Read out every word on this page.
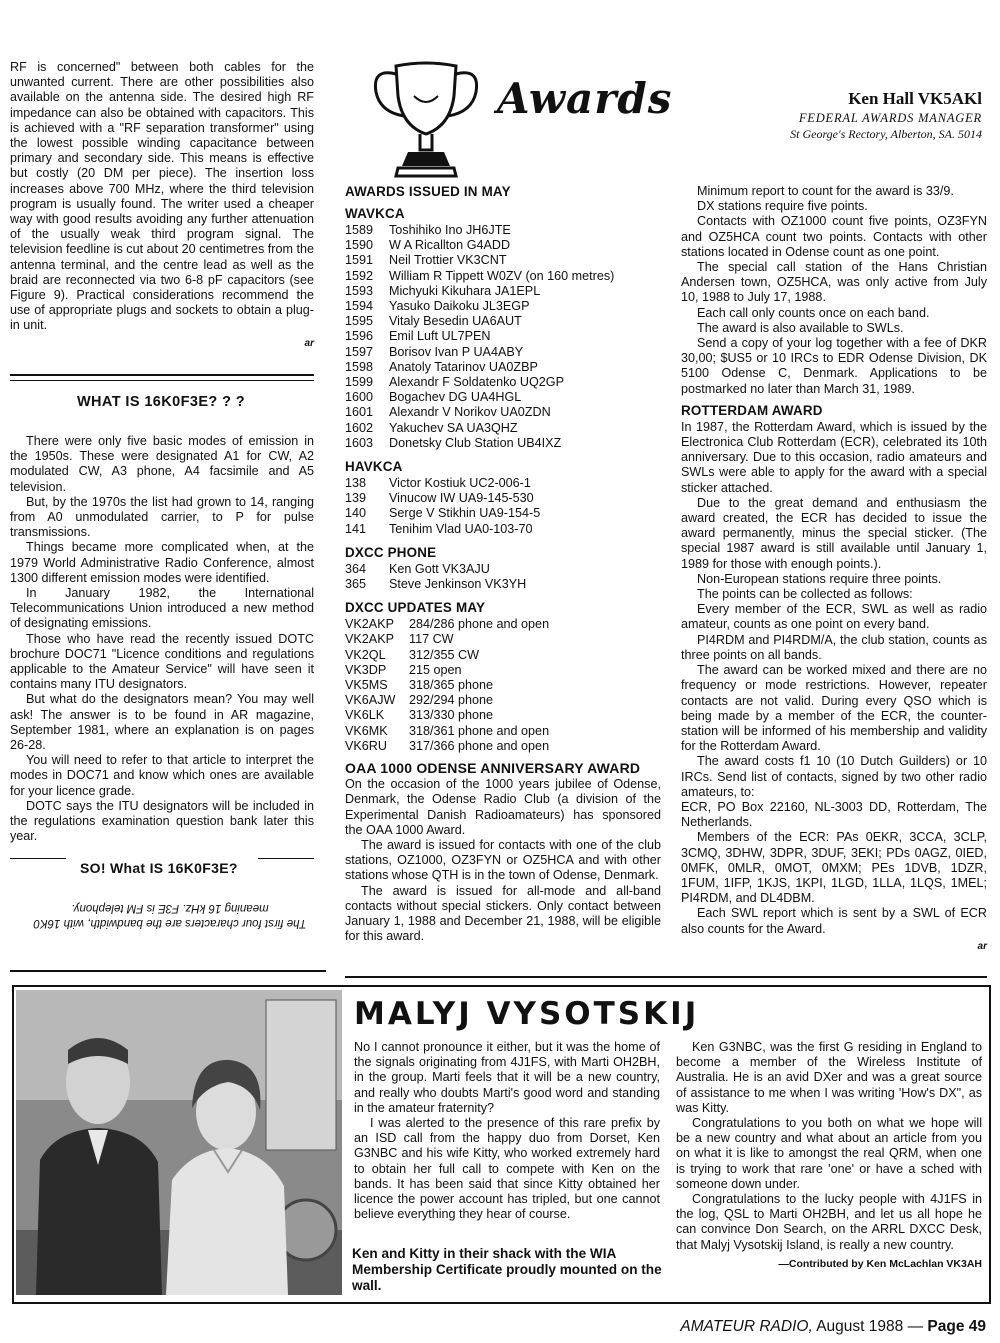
RF is concerned" between both cables for the unwanted current. There are other possibilities also available on the antenna side. The desired high RF impedance can also be obtained with capacitors. This is achieved with a "RF separation transformer" using the lowest possible winding capacitance between primary and secondary side. This means is effective but costly (20 DM per piece). The insertion loss increases above 700 MHz, where the third television program is usually found. The writer used a cheaper way with good results avoiding any further attenuation of the usually weak third program signal. The television feedline is cut about 20 centimetres from the antenna terminal, and the centre lead as well as the braid are reconnected via two 6-8 pF capacitors (see Figure 9). Practical considerations recommend the use of appropriate plugs and sockets to obtain a plug-in unit.

ar
WHAT IS 16K0F3E? ? ?

There were only five basic modes of emission in the 1950s. These were designated A1 for CW, A2 modulated CW, A3 phone, A4 facsimile and A5 television.

But, by the 1970s the list had grown to 14, ranging from A0 unmodulated carrier, to P for pulse transmissions.

Things became more complicated when, at the 1979 World Administrative Radio Conference, almost 1300 different emission modes were identified.

In January 1982, the International Telecommunications Union introduced a new method of designating emissions.

Those who have read the recently issued DOTC brochure DOC71 "Licence conditions and regulations applicable to the Amateur Service" will have seen it contains many ITU designators.

But what do the designators mean? You may well ask! The answer is to be found in AR magazine, September 1981, where an explanation is on pages 26-28.

You will need to refer to that article to interpret the modes in DOC71 and know which ones are available for your licence grade.

DOTC says the ITU designators will be included in the regulations examination question bank later this year.

SO! What IS 16K0F3E?
The first four characters are the bandwidth, with 16K0 meaning 16 kHz. F3E is FM telephony.
Awards	Ken Hall VK5AKl
FEDERAL AWARDS MANAGER
St George's Rectory, Alberton, SA. 5014
AWARDS ISSUED IN MAY
WAVKCA
1589	Toshihiko Ino JH6JTE
1590	W A Ricallton G4ADD
1591	Neil Trottier VK3CNT
1592	William R Tippett W0ZV (on 160 metres)
1593	Michyuki Kikuhara JA1EPL
1594	Yasuko Daikoku JL3EGP
1595	Vitaly Besedin UA6AUT
1596	Emil Luft UL7PEN
1597	Borisov Ivan P UA4ABY
1598	Anatoly Tatarinov UA0ZBP
1599	Alexandr F Soldatenko UQ2GP
1600	Bogachev DG UA4HGL
1601	Alexandr V Norikov UA0ZDN
1602	Yakuchev SA UA3QHZ
1603	Donetsky Club Station UB4IXZ
HAVKCA
138	Victor Kostiuk UC2-006-1
139	Vinucow IW UA9-145-530
140	Serge V Stikhin UA9-154-5
141	Tenihim Vlad UA0-103-70
DXCC PHONE
364	Ken Gott VK3AJU
365	Steve Jenkinson VK3YH
DXCC UPDATES MAY
VK2AKP	284/286 phone and open
VK2AKP	117 CW
VK2QL	312/355 CW
VK3DP	215 open
VK5MS	318/365 phone
VK6AJW	292/294 phone
VK6LK	313/330 phone
VK6MK	318/361 phone and open
VK6RU	317/366 phone and open
OAA 1000 ODENSE ANNIVERSARY AWARD

On the occasion of the 1000 years jubilee of Odense, Denmark, the Odense Radio Club (a division of the Experimental Danish Radioamateurs) has sponsored the OAA 1000 Award.

The award is issued for contacts with one of the club stations, OZ1000, OZ3FYN or OZ5HCA and with other stations whose QTH is in the town of Odense, Denmark.

The award is issued for all-mode and all-band contacts without special stickers. Only contact between January 1, 1988 and December 21, 1988, will be eligible for this award.

Minimum report to count for the award is 33/9.

DX stations require five points.

Contacts with OZ1000 count five points, OZ3FYN and OZ5HCA count two points. Contacts with other stations located in Odense count as one point.

The special call station of the Hans Christian Andersen town, OZ5HCA, was only active from July 10, 1988 to July 17, 1988.

Each call only counts once on each band.

The award is also available to SWLs.

Send a copy of your log together with a fee of DKR 30,00; $US5 or 10 IRCs to EDR Odense Division, DK 5100 Odense C, Denmark. Applications to be postmarked no later than March 31, 1989.

ROTTERDAM AWARD

In 1987, the Rotterdam Award, which is issued by the Electronica Club Rotterdam (ECR), celebrated its 10th anniversary. Due to this occasion, radio amateurs and SWLs were able to apply for the award with a special sticker attached.

Due to the great demand and enthusiasm the award created, the ECR has decided to issue the award permanently, minus the special sticker. (The special 1987 award is still available until January 1, 1989 for those with enough points.).

Non-European stations require three points.

The points can be collected as follows:

Every member of the ECR, SWL as well as radio amateur, counts as one point on every band.

PI4RDM and PI4RDM/A, the club station, counts as three points on all bands.

The award can be worked mixed and there are no frequency or mode restrictions. However, repeater contacts are not valid. During every QSO which is being made by a member of the ECR, the counter-station will be informed of his membership and validity for the Rotterdam Award.

The award costs f1 10 (10 Dutch Guilders) or 10 IRCs. Send list of contacts, signed by two other radio amateurs, to:

ECR, PO Box 22160, NL-3003 DD, Rotterdam, The Netherlands.

Members of the ECR: PAs 0EKR, 3CCA, 3CLP, 3CMQ, 3DHW, 3DPR, 3DUF, 3EKI; PDs 0AGZ, 0IED, 0MFK, 0MLR, 0MOT, 0MXM; PEs 1DVB, 1DZR, 1FUM, 1IFP, 1KJS, 1KPI, 1LGD, 1LLA, 1LQS, 1MEL; PI4RDM, and DL4DBM.

Each SWL report which is sent by a SWL of ECR also counts for the Award.

ar
MALYJ VYSOTSKIJ

No I cannot pronounce it either, but it was the home of the signals originating from 4J1FS, with Marti OH2BH, in the group. Marti feels that it will be a new country, and really who doubts Marti's good word and standing in the amateur fraternity?

I was alerted to the presence of this rare prefix by an ISD call from the happy duo from Dorset, Ken G3NBC and his wife Kitty, who worked extremely hard to obtain her full call to compete with Ken on the bands. It has been said that since Kitty obtained her licence the power account has tripled, but one cannot believe everything they hear of course.

Ken and Kitty in their shack with the WIA Membership Certificate proudly mounted on the wall.

Ken G3NBC, was the first G residing in England to become a member of the Wireless Institute of Australia. He is an avid DXer and was a great source of assistance to me when I was writing 'How's DX", as was Kitty.

Congratulations to you both on what we hope will be a new country and what about an article from you on what it is like to amongst the real QRM, when one is trying to work that rare 'one' or have a sched with someone down under.

Congratulations to the lucky people with 4J1FS in the log, QSL to Marti OH2BH, and let us all hope he can convince Don Search, on the ARRL DXCC Desk, that Malyj Vysotskij Island, is really a new country.

—Contributed by Ken McLachlan VK3AH
AMATEUR RADIO, August 1988 — Page 49
